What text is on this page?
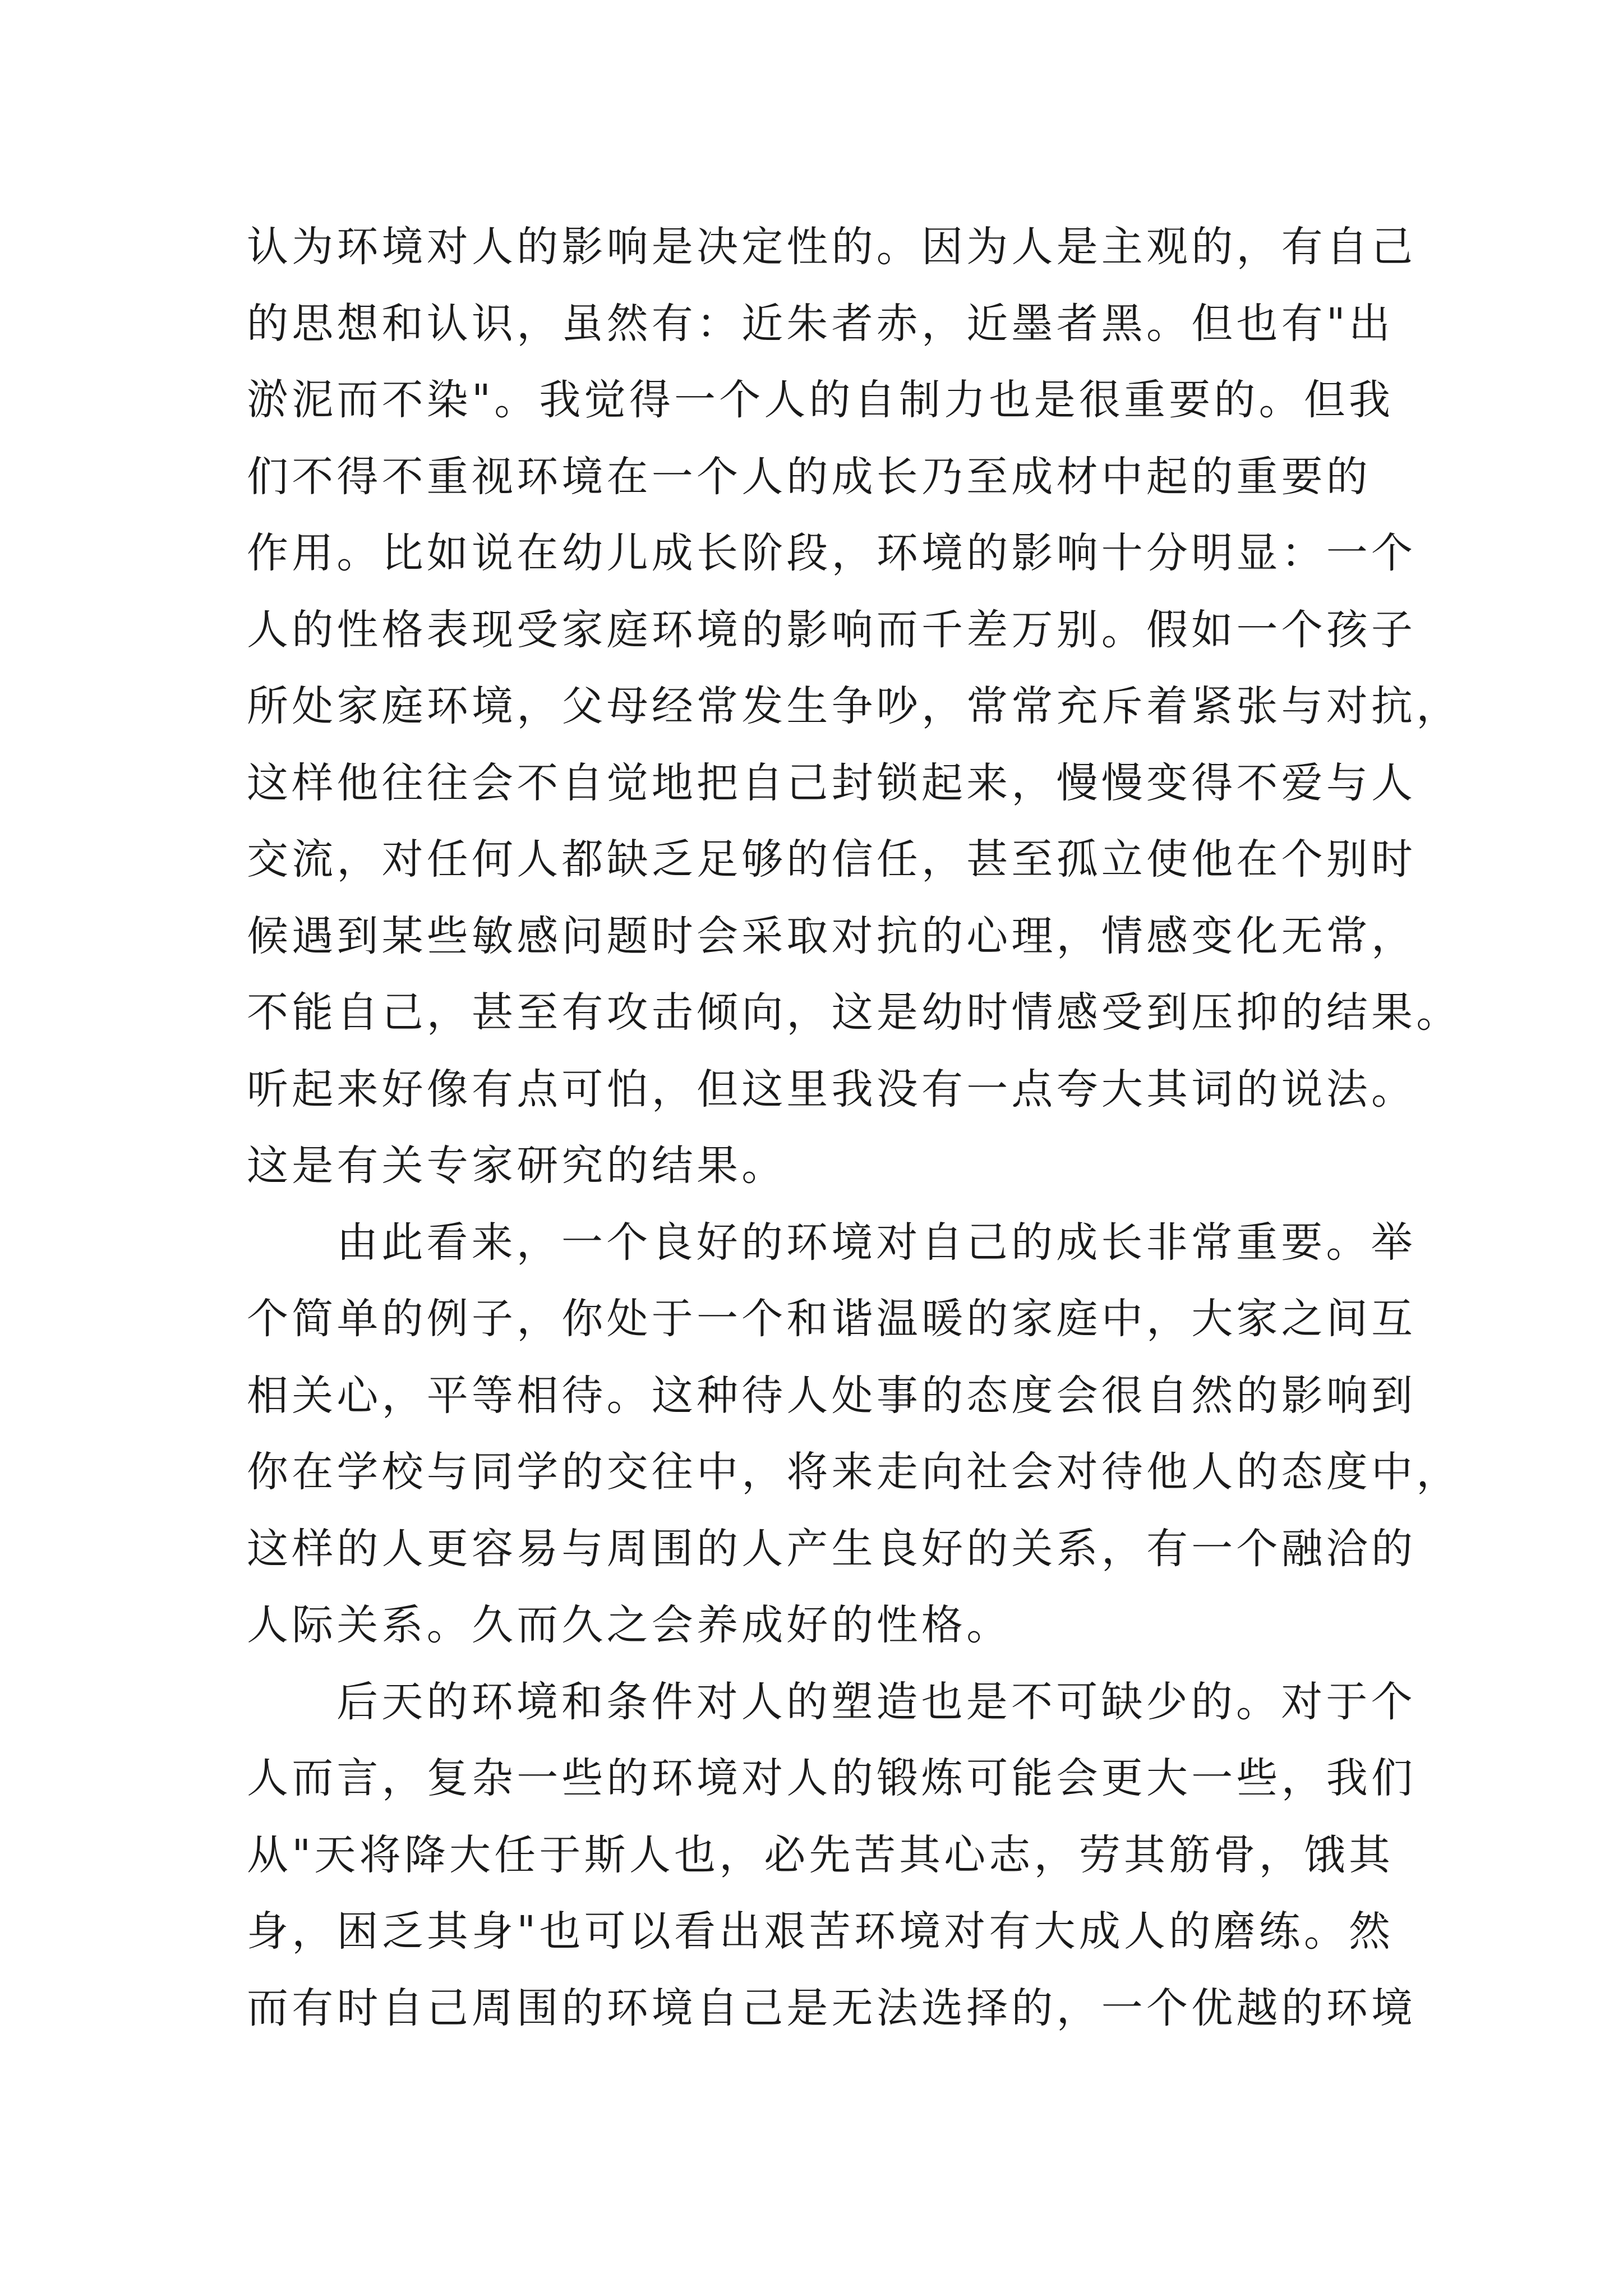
认为环境对人的影响是决定性的。因为人是主观的，有自己
的思想和认识，虽然有：近朱者赤，近墨者黑。但也有"出
淤泥而不染"。我觉得一个人的自制力也是很重要的。但我
们不得不重视环境在一个人的成长乃至成材中起的重要的
作用。比如说在幼儿成长阶段，环境的影响十分明显：一个
人的性格表现受家庭环境的影响而千差万别。假如一个孩子
所处家庭环境，父母经常发生争吵，常常充斥着紧张与对抗，
这样他往往会不自觉地把自己封锁起来，慢慢变得不爱与人
交流，对任何人都缺乏足够的信任，甚至孤立使他在个别时
候遇到某些敏感问题时会采取对抗的心理，情感变化无常，
不能自己，甚至有攻击倾向，这是幼时情感受到压抑的结果。
听起来好像有点可怕，但这里我没有一点夸大其词的说法。
这是有关专家研究的结果。
由此看来，一个良好的环境对自己的成长非常重要。举
个简单的例子，你处于一个和谐温暖的家庭中，大家之间互
相关心，平等相待。这种待人处事的态度会很自然的影响到
你在学校与同学的交往中，将来走向社会对待他人的态度中，
这样的人更容易与周围的人产生良好的关系，有一个融洽的
人际关系。久而久之会养成好的性格。
后天的环境和条件对人的塑造也是不可缺少的。对于个
人而言，复杂一些的环境对人的锻炼可能会更大一些，我们
从"天将降大任于斯人也，必先苦其心志，劳其筋骨，饿其
身，困乏其身"也可以看出艰苦环境对有大成人的磨练。然
而有时自己周围的环境自己是无法选择的，一个优越的环境
